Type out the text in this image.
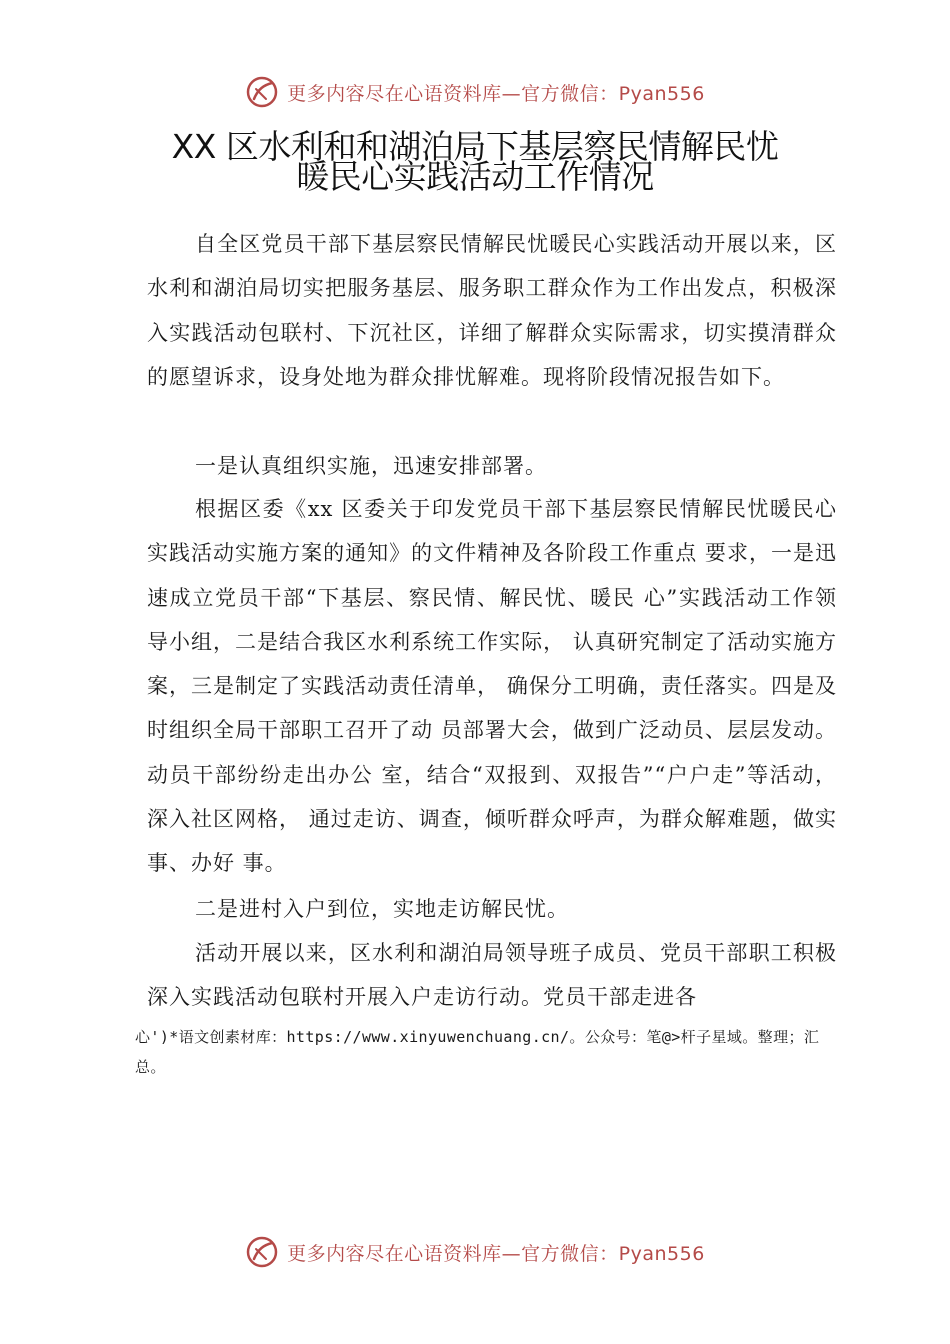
更多内容尽在心语资料库—官方微信：Pyan556
XX 区水利和和湖泊局下基层察民情解民忧
暖民心实践活动工作情况

自全区党员干部下基层察民情解民忧暖民心实践活动开展以来，区水利和湖泊局切实把服务基层、服务职工群众作为工作出发点，积极深入实践活动包联村、下沉社区，详细了解群众实际需求，切实摸清群众的愿望诉求，设身处地为群众排忧解难。现将阶段情况报告如下。

一是认真组织实施，迅速安排部署。

根据区委《xx 区委关于印发党员干部下基层察民情解民忧暖民心实践活动实施方案的通知》的文件精神及各阶段工作重点 要求，一是迅速成立党员干部“下基层、察民情、解民忧、暖民 心”实践活动工作领导小组，二是结合我区水利系统工作实际， 认真研究制定了活动实施方案，三是制定了实践活动责任清单， 确保分工明确，责任落实。四是及时组织全局干部职工召开了动 员部署大会，做到广泛动员、层层发动。动员干部纷纷走出办公 室，结合“双报到、双报告”“户户走”等活动，深入社区网格， 通过走访、调查，倾听群众呼声，为群众解难题，做实事、办好 事。

二是进村入户到位，实地走访解民忧。

活动开展以来，区水利和湖泊局领导班子成员、党员干部职工积极深入实践活动包联村开展入户走访行动。党员干部走进各

心')*语文创素材库：https://www.xinyuwenchuang.cn/。公众号：笔@>杆子星域。整理；汇总。

更多内容尽在心语资料库—官方微信：Pyan556
